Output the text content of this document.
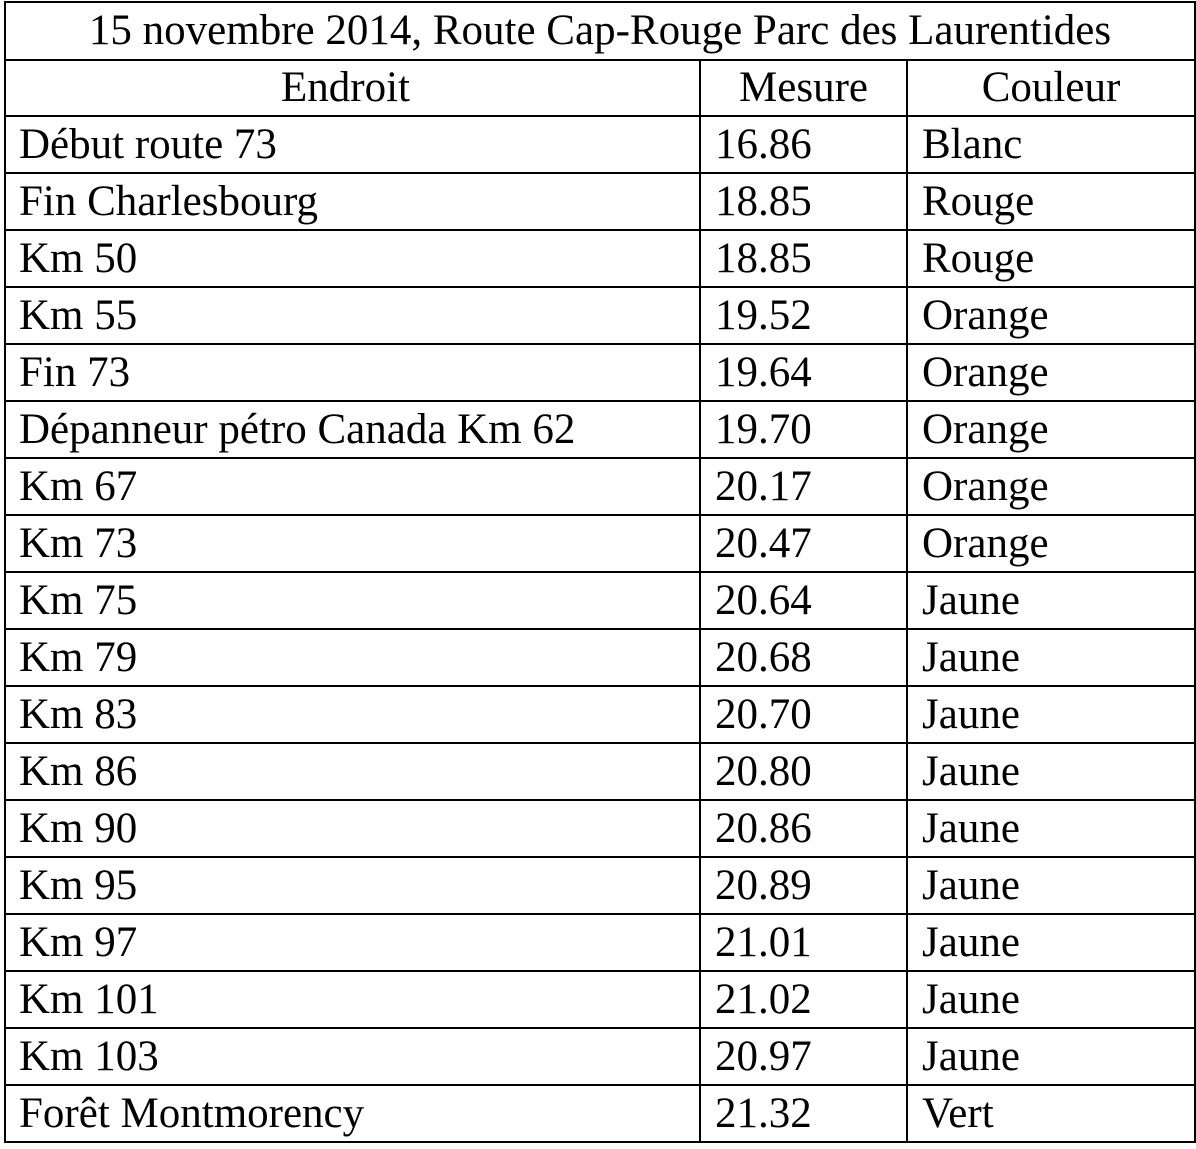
15 novembre 2014, Route Cap-Rouge Parc des Laurentides		
Endroit	Mesure	Couleur
Début route 73	16.86	Blanc
Fin Charlesbourg	18.85	Rouge
Km 50	18.85	Rouge
Km 55	19.52	Orange
Fin 73	19.64	Orange
Dépanneur pétro Canada Km 62	19.70	Orange
Km 67	20.17	Orange
Km 73	20.47	Orange
Km 75	20.64	Jaune
Km 79	20.68	Jaune
Km 83	20.70	Jaune
Km 86	20.80	Jaune
Km 90	20.86	Jaune
Km 95	20.89	Jaune
Km 97	21.01	Jaune
Km 101	21.02	Jaune
Km 103	20.97	Jaune
Forêt Montmorency	21.32	Vert
